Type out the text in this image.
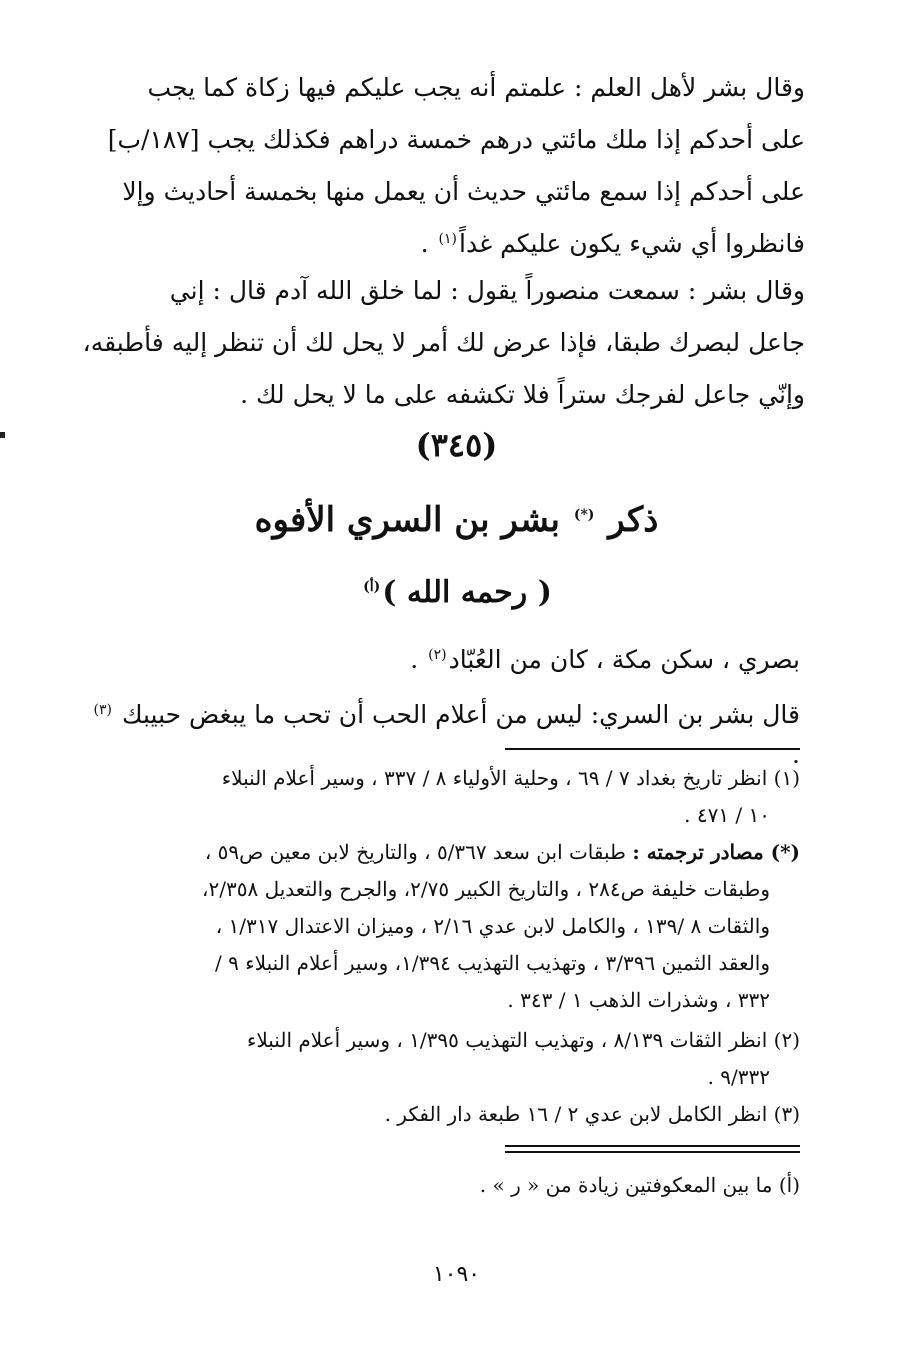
وقال بشر لأهل العلم : علمتم أنه يجب عليكم فيها زكاة كما يجب
على أحدكم إذا ملك مائتي درهم خمسة دراهم فكذلك يجب [١٨٧/ب]
على أحدكم إذا سمع مائتي حديث أن يعمل منها بخمسة أحاديث وإلا
فانظروا أي شيء يكون عليكم غداً$^{(١)}$ .
وقال بشر : سمعت منصوراً يقول : لما خلق الله آدم قال : إني
جاعل لبصرك طبقا، فإذا عرض لك أمر لا يحل لك أن تنظر إليه فأطبقه،
وإنّي جاعل لفرجك ستراً فلا تكشفه على ما لا يحل لك .
(٣٤٥)
ذكر (*) بشر بن السري الأفوه
( رحمه الله )$^{(أ)}$
بصري ، سكن مكة ، كان من العُبّاد$^{(٢)}$ .
قال بشر بن السري: ليس من أعلام الحب أن تحب ما يبغض حبيبك $^{(٣)}$ .
(١) انظر تاريخ بغداد ٧ / ٦٩ ، وحلية الأولياء ٨ / ٣٣٧ ، وسير أعلام النبلاء
١٠ / ٤٧١ .
(*) مصادر ترجمته : طبقات ابن سعد ٥/٣٦٧ ، والتاريخ لابن معين ص٥٩ ،
وطبقات خليفة ص٢٨٤ ، والتاريخ الكبير ٢/٧٥، والجرح والتعديل ٢/٣٥٨،
والثقات ٨ /١٣٩ ، والكامل لابن عدي ٢/١٦ ، وميزان الاعتدال ١/٣١٧ ،
والعقد الثمين ٣/٣٩٦ ، وتهذيب التهذيب ١/٣٩٤، وسير أعلام النبلاء ٩ /
٣٣٢ ، وشذرات الذهب ١ / ٣٤٣ .
(٢) انظر الثقات ٨/١٣٩ ، وتهذيب التهذيب ١/٣٩٥ ، وسير أعلام النبلاء
٩/٣٣٢ .
(٣) انظر الكامل لابن عدي ٢ / ١٦ طبعة دار الفكر .
(أ) ما بين المعكوفتين زيادة من « ر » .
١٠٩٠
